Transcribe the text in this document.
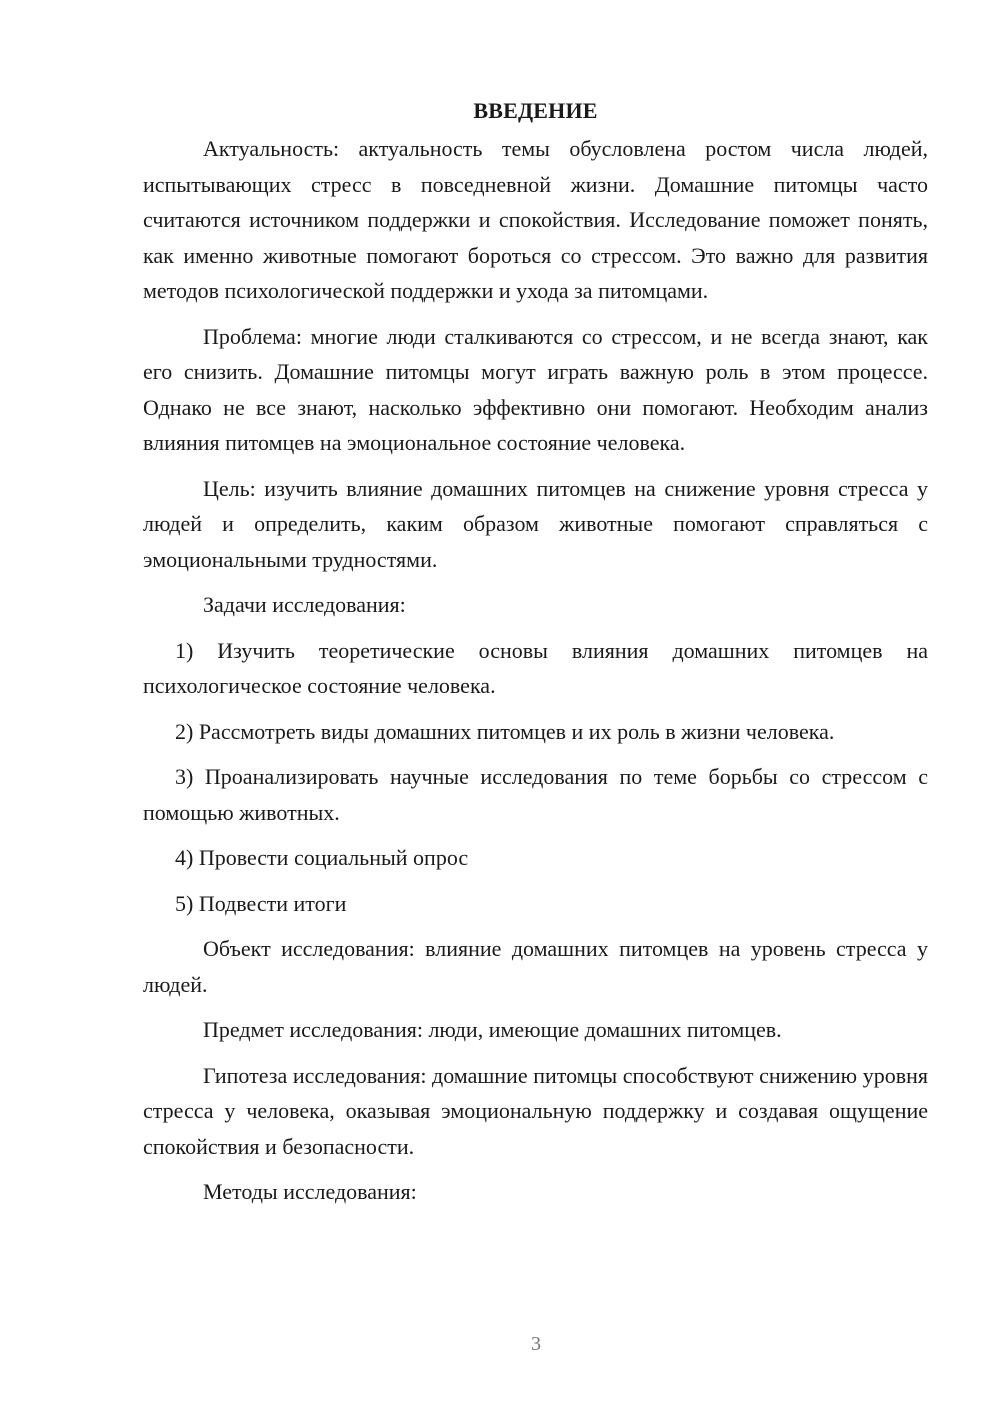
ВВЕДЕНИЕ

Актуальность: актуальность темы обусловлена ростом числа людей, испытывающих стресс в повседневной жизни. Домашние питомцы часто считаются источником поддержки и спокойствия. Исследование поможет понять, как именно животные помогают бороться со стрессом. Это важно для развития методов психологической поддержки и ухода за питомцами.

Проблема: многие люди сталкиваются со стрессом, и не всегда знают, как его снизить. Домашние питомцы могут играть важную роль в этом процессе. Однако не все знают, насколько эффективно они помогают. Необходим анализ влияния питомцев на эмоциональное состояние человека.

Цель: изучить влияние домашних питомцев на снижение уровня стресса у людей и определить, каким образом животные помогают справляться с эмоциональными трудностями.

Задачи исследования:

1) Изучить теоретические основы влияния домашних питомцев на психологическое состояние человека.

2) Рассмотреть виды домашних питомцев и их роль в жизни человека.

3) Проанализировать научные исследования по теме борьбы со стрессом с помощью животных.

4) Провести социальный опрос

5) Подвести итоги

Объект исследования: влияние домашних питомцев на уровень стресса у людей.

Предмет исследования: люди, имеющие домашних питомцев.

Гипотеза исследования: домашние питомцы способствуют снижению уровня стресса у человека, оказывая эмоциональную поддержку и создавая ощущение спокойствия и безопасности.

Методы исследования:

3
